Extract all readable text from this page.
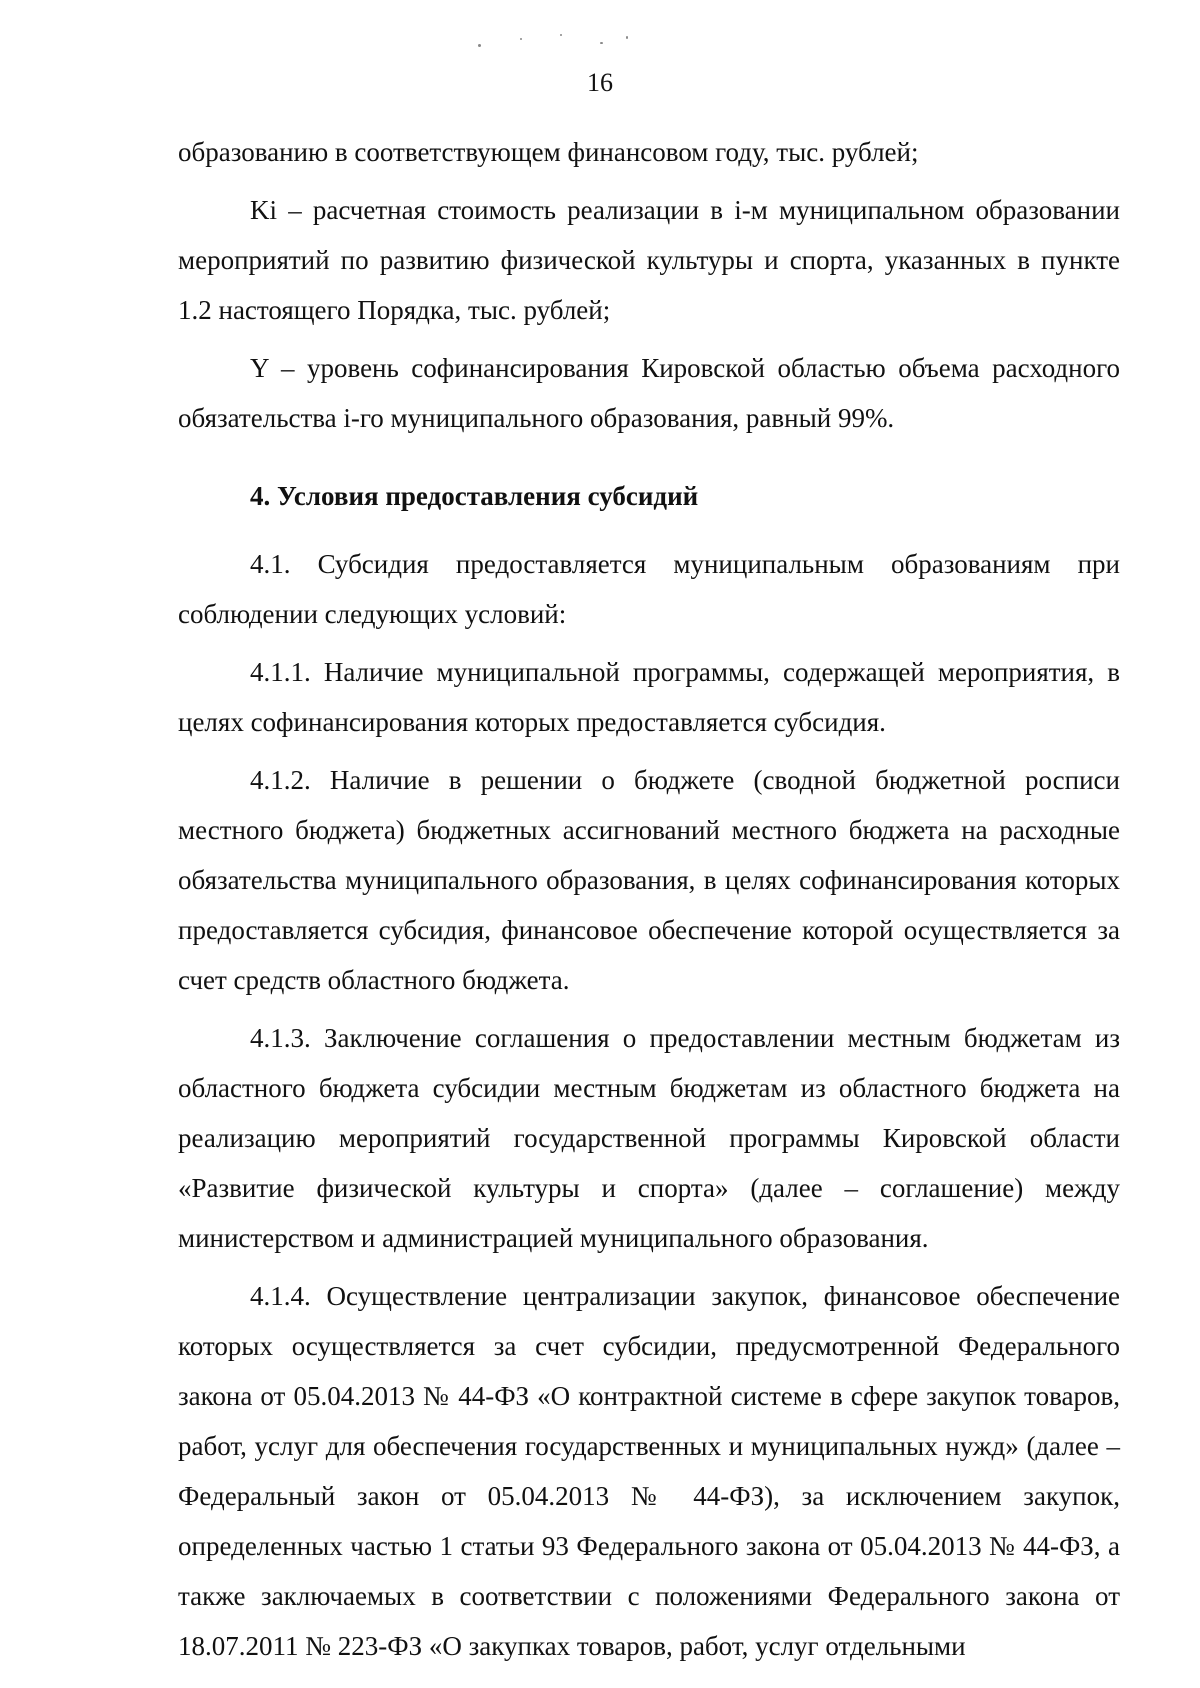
16

образованию в соответствующем финансовом году, тыс. рублей;

Ki – расчетная стоимость реализации в i-м муниципальном образовании мероприятий по развитию физической культуры и спорта, указанных в пункте 1.2 настоящего Порядка, тыс. рублей;

Y – уровень софинансирования Кировской областью объема расходного обязательства i-го муниципального образования, равный 99%.

4. Условия предоставления субсидий

4.1. Субсидия предоставляется муниципальным образованиям при соблюдении следующих условий:

4.1.1. Наличие муниципальной программы, содержащей мероприятия, в целях софинансирования которых предоставляется субсидия.

4.1.2. Наличие в решении о бюджете (сводной бюджетной росписи местного бюджета) бюджетных ассигнований местного бюджета на расходные обязательства муниципального образования, в целях софинансирования которых предоставляется субсидия, финансовое обеспечение которой осуществляется за счет средств областного бюджета.

4.1.3. Заключение соглашения о предоставлении местным бюджетам из областного бюджета субсидии местным бюджетам из областного бюджета на реализацию мероприятий государственной программы Кировской области «Развитие физической культуры и спорта» (далее – соглашение) между министерством и администрацией муниципального образования.

4.1.4. Осуществление централизации закупок, финансовое обеспечение которых осуществляется за счет субсидии, предусмотренной Федерального закона от 05.04.2013 № 44-ФЗ «О контрактной системе в сфере закупок товаров, работ, услуг для обеспечения государственных и муниципальных нужд» (далее – Федеральный закон от 05.04.2013 № 44-ФЗ), за исключением закупок, определенных частью 1 статьи 93 Федерального закона от 05.04.2013 № 44-ФЗ, а также заключаемых в соответствии с положениями Федерального закона от 18.07.2011 № 223-ФЗ «О закупках товаров, работ, услуг отдельными
